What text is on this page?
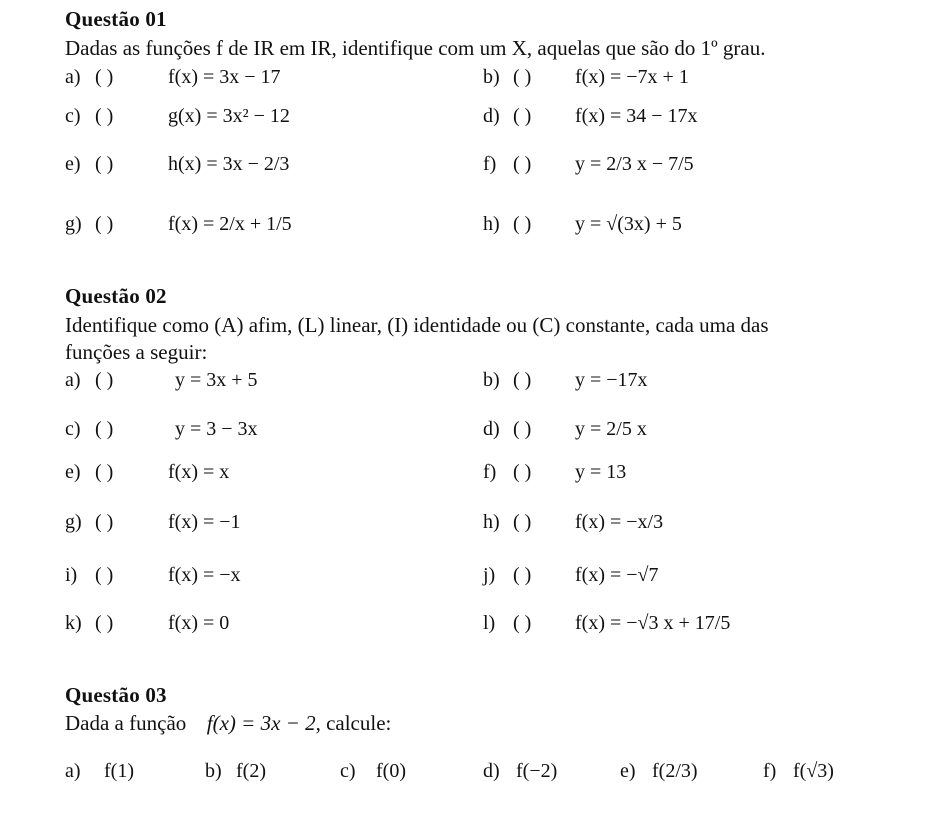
Questão 01
Dadas as funções f de IR em IR, identifique com um X, aquelas que são do 1º grau.
a) ( )	f(x) = 3x − 17	b) ( ) f(x) = −7x + 1
c) ( )	g(x) = 3x² − 12	d) ( ) f(x) = 34 − 17x
e) ( )	h(x) = 3x − 2/3	f) ( ) y = 2/3 x − 7/5
g) ( )	f(x) = 2/x + 1/5	h) ( ) y = √(3x) + 5
Questão 02
Identifique como (A) afim, (L) linear, (I) identidade ou (C) constante, cada uma das
funções a seguir:
a) ( )	y = 3x + 5	b) ( ) y = −17x
c) ( )	y = 3 − 3x	d) ( ) y = 2/5 x
e) ( )	f(x) = x	f) ( ) y = 13
g) ( )	f(x) = −1	h) ( ) f(x) = −x/3
i) ( )	f(x) = −x	j) ( ) f(x) = −√7
k) ( )	f(x) = 0	l) ( ) f(x) = −√3 x + 17/5
Questão 03
Dada a função f(x) = 3x − 2, calcule:
a) f(1)	b) f(2)	c) f(0)	d) f(−2)	e) f(2/3)	f) f(√3)
